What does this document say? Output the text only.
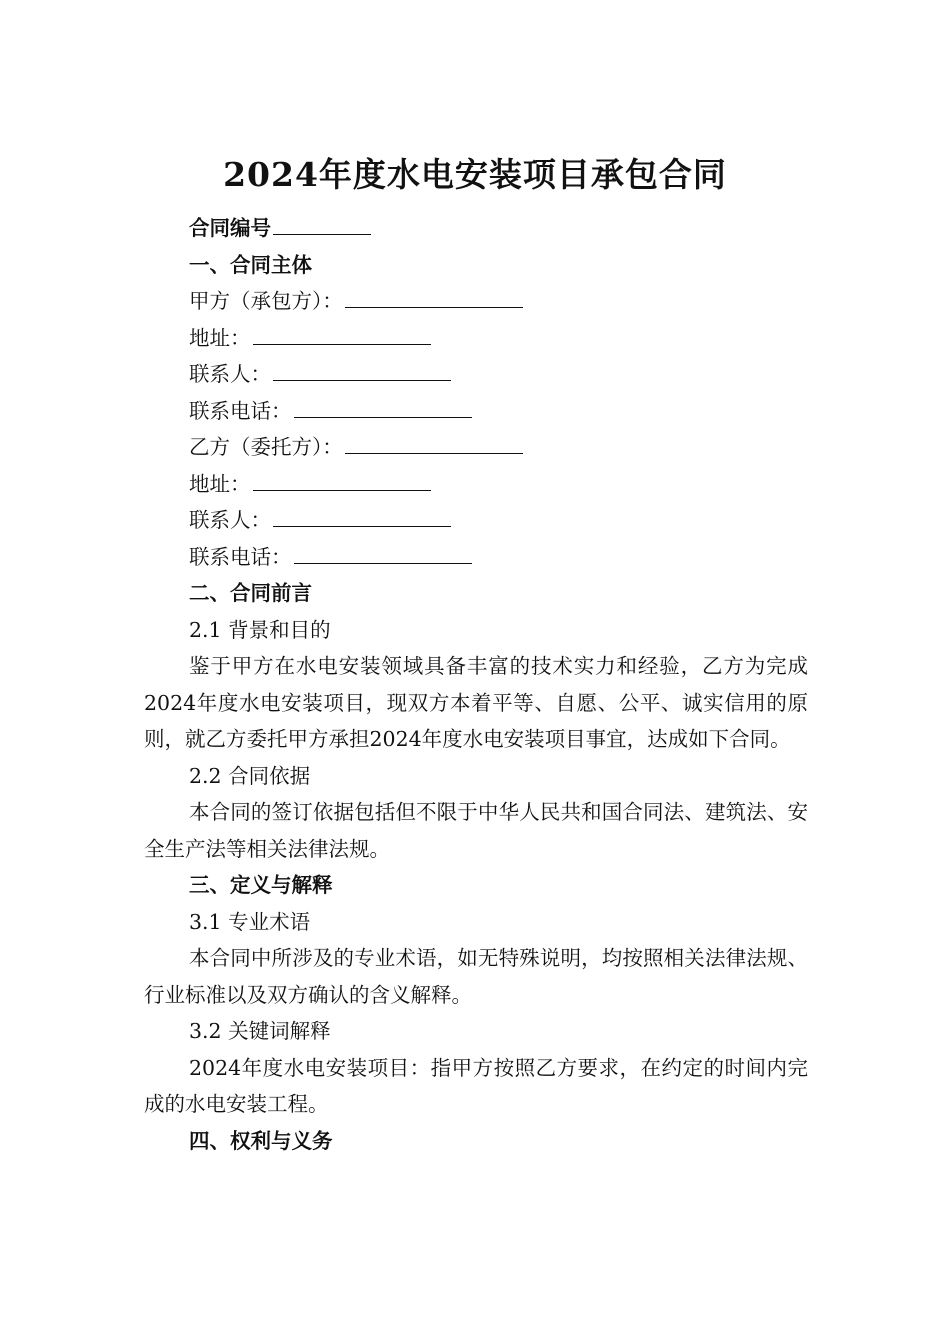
2024年度水电安装项目承包合同

合同编号

一、合同主体

甲方（承包方）：

地址：

联系人：

联系电话：

乙方（委托方）：

地址：

联系人：

联系电话：

二、合同前言

2.1 背景和目的

鉴于甲方在水电安装领域具备丰富的技术实力和经验，乙方为完成2024年度水电安装项目，现双方本着平等、自愿、公平、诚实信用的原则，就乙方委托甲方承担2024年度水电安装项目事宜，达成如下合同。

2.2 合同依据

本合同的签订依据包括但不限于中华人民共和国合同法、建筑法、安全生产法等相关法律法规。

三、定义与解释

3.1 专业术语

本合同中所涉及的专业术语，如无特殊说明，均按照相关法律法规、行业标准以及双方确认的含义解释。

3.2 关键词解释

2024年度水电安装项目：指甲方按照乙方要求，在约定的时间内完成的水电安装工程。

四、权利与义务
